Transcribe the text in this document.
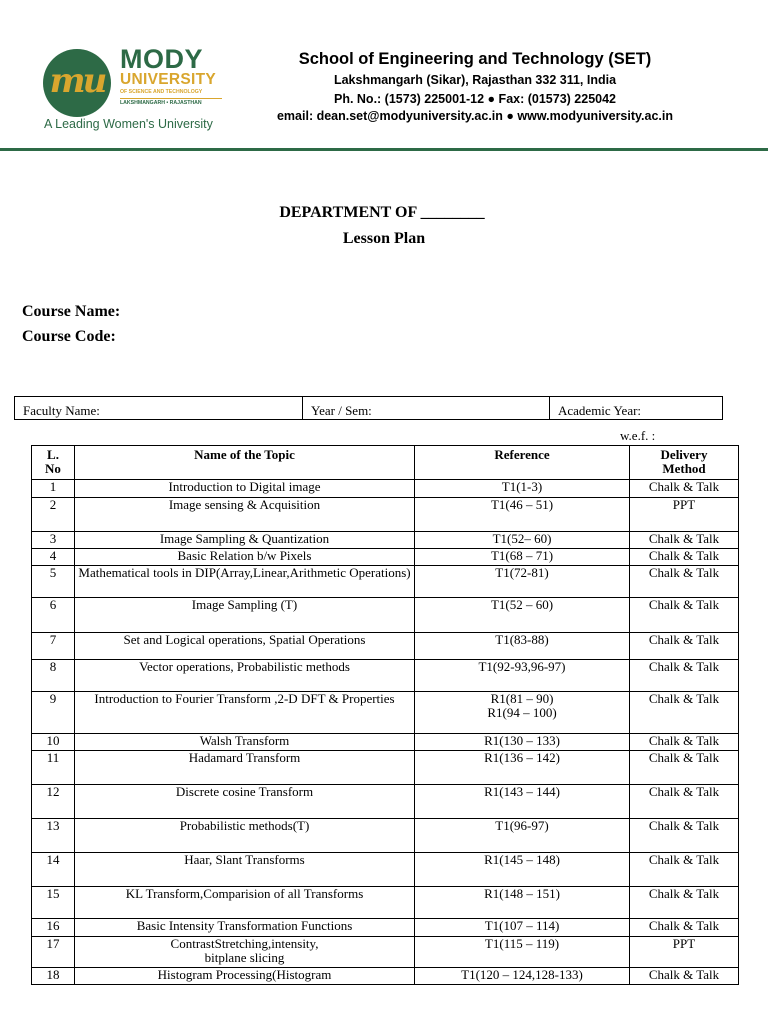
mu
MODY
UNIVERSITY
OF SCIENCE AND TECHNOLOGY
LAKSHMANGARH • RAJASTHAN
A Leading Women's University
School of Engineering and Technology (SET)
Lakshmangarh (Sikar), Rajasthan 332 311, India
Ph. No.: (1573) 225001-12 ● Fax: (01573) 225042
email: dean.set@modyuniversity.ac.in ● www.modyuniversity.ac.in
DEPARTMENT OF ________
Lesson Plan
Course Name:
Course Code:
Faculty Name:	Year / Sem:	Academic Year:
w.e.f. :
L.
No	Name of the Topic	Reference	Delivery
Method
1	Introduction to Digital image	T1(1-3)	Chalk & Talk
2	Image sensing & Acquisition	T1(46 – 51)	PPT
3	Image Sampling & Quantization	T1(52– 60)	Chalk & Talk
4	Basic Relation b/w Pixels	T1(68 – 71)	Chalk & Talk
5	Mathematical tools in DIP(Array,Linear,Arithmetic Operations)	T1(72-81)	Chalk & Talk
6	Image Sampling (T)	T1(52 – 60)	Chalk & Talk
7	Set and Logical operations, Spatial Operations	T1(83-88)	Chalk & Talk
8	Vector operations, Probabilistic methods	T1(92-93,96-97)	Chalk & Talk
9	Introduction to Fourier Transform ,2-D DFT & Properties	R1(81 – 90)
R1(94 – 100)	Chalk & Talk
10	Walsh Transform	R1(130 – 133)	Chalk & Talk
11	Hadamard Transform	R1(136 – 142)	Chalk & Talk
12	Discrete cosine Transform	R1(143 – 144)	Chalk & Talk
13	Probabilistic methods(T)	T1(96-97)	Chalk & Talk
14	Haar, Slant Transforms	R1(145 – 148)	Chalk & Talk
15	KL Transform,Comparision of all Transforms	R1(148 – 151)	Chalk & Talk
16	Basic Intensity Transformation Functions	T1(107 – 114)	Chalk & Talk
17	ContrastStretching,intensity,
bitplane slicing	T1(115 – 119)	PPT
18	Histogram Processing(Histogram	T1(120 – 124,128-133)	Chalk & Talk
